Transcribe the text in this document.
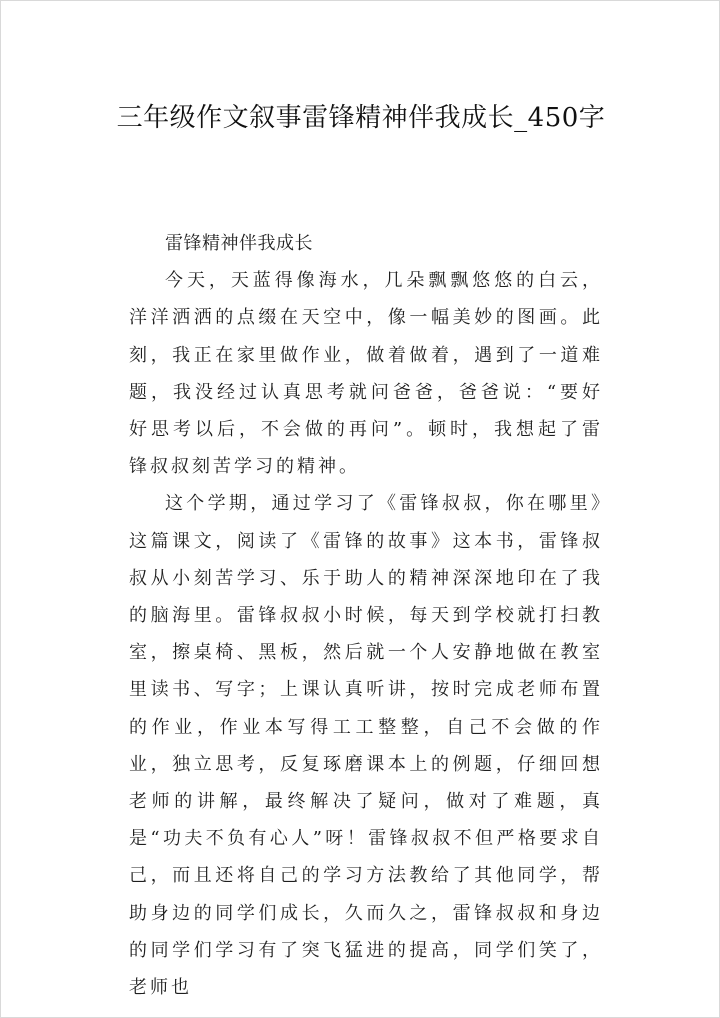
三年级作文叙事雷锋精神伴我成长_450字

雷锋精神伴我成长

今天，天蓝得像海水，几朵飘飘悠悠的白云，洋洋洒洒的点缀在天空中，像一幅美妙的图画。此刻，我正在家里做作业，做着做着，遇到了一道难题，我没经过认真思考就问爸爸，爸爸说：“要好好思考以后，不会做的再问”。顿时，我想起了雷锋叔叔刻苦学习的精神。

这个学期，通过学习了《雷锋叔叔，你在哪里》这篇课文，阅读了《雷锋的故事》这本书，雷锋叔叔从小刻苦学习、乐于助人的精神深深地印在了我的脑海里。雷锋叔叔小时候，每天到学校就打扫教室，擦桌椅、黑板，然后就一个人安静地做在教室里读书、写字；上课认真听讲，按时完成老师布置的作业，作业本写得工工整整，自己不会做的作业，独立思考，反复琢磨课本上的例题，仔细回想老师的讲解，最终解决了疑问，做对了难题，真是“功夫不负有心人”呀！雷锋叔叔不但严格要求自己，而且还将自己的学习方法教给了其他同学，帮助身边的同学们成长，久而久之，雷锋叔叔和身边的同学们学习有了突飞猛进的提高，同学们笑了，老师也
